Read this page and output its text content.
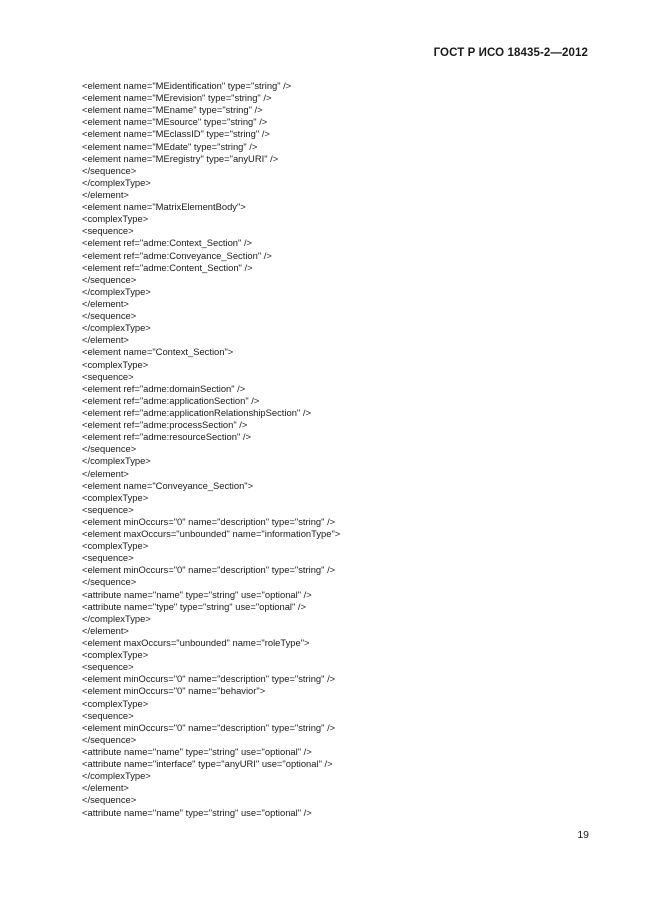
ГОСТ Р ИСО 18435-2—2012
<element name="MEidentification" type="string" />
<element name="MErevision" type="string" />
<element name="MEname" type="string" />
<element name="MEsource" type="string" />
<element name="MEclassID" type="string" />
<element name="MEdate" type="string" />
<element name="MEregistry" type="anyURI" />
</sequence>
</complexType>
</element>
<element name="MatrixElementBody">
<complexType>
<sequence>
<element ref="adme:Context_Section" />
<element ref="adme:Conveyance_Section" />
<element ref="adme:Content_Section" />
</sequence>
</complexType>
</element>
</sequence>
</complexType>
</element>
<element name="Context_Section">
<complexType>
<sequence>
<element ref="adme:domainSection" />
<element ref="adme:applicationSection" />
<element ref="adme:applicationRelationshipSection" />
<element ref="adme:processSection" />
<element ref="adme:resourceSection" />
</sequence>
</complexType>
</element>
<element name="Conveyance_Section">
<complexType>
<sequence>
<element minOccurs="0" name="description" type="string" />
<element maxOccurs="unbounded" name="informationType">
<complexType>
<sequence>
<element minOccurs="0" name="description" type="string" />
</sequence>
<attribute name="name" type="string" use="optional" />
<attribute name="type" type="string" use="optional" />
</complexType>
</element>
<element maxOccurs="unbounded" name="roleType">
<complexType>
<sequence>
<element minOccurs="0" name="description" type="string" />
<element minOccurs="0" name="behavior">
<complexType>
<sequence>
<element minOccurs="0" name="description" type="string" />
</sequence>
<attribute name="name" type="string" use="optional" />
<attribute name="interface" type="anyURI" use="optional" />
</complexType>
</element>
</sequence>
<attribute name="name" type="string" use="optional" />
19
